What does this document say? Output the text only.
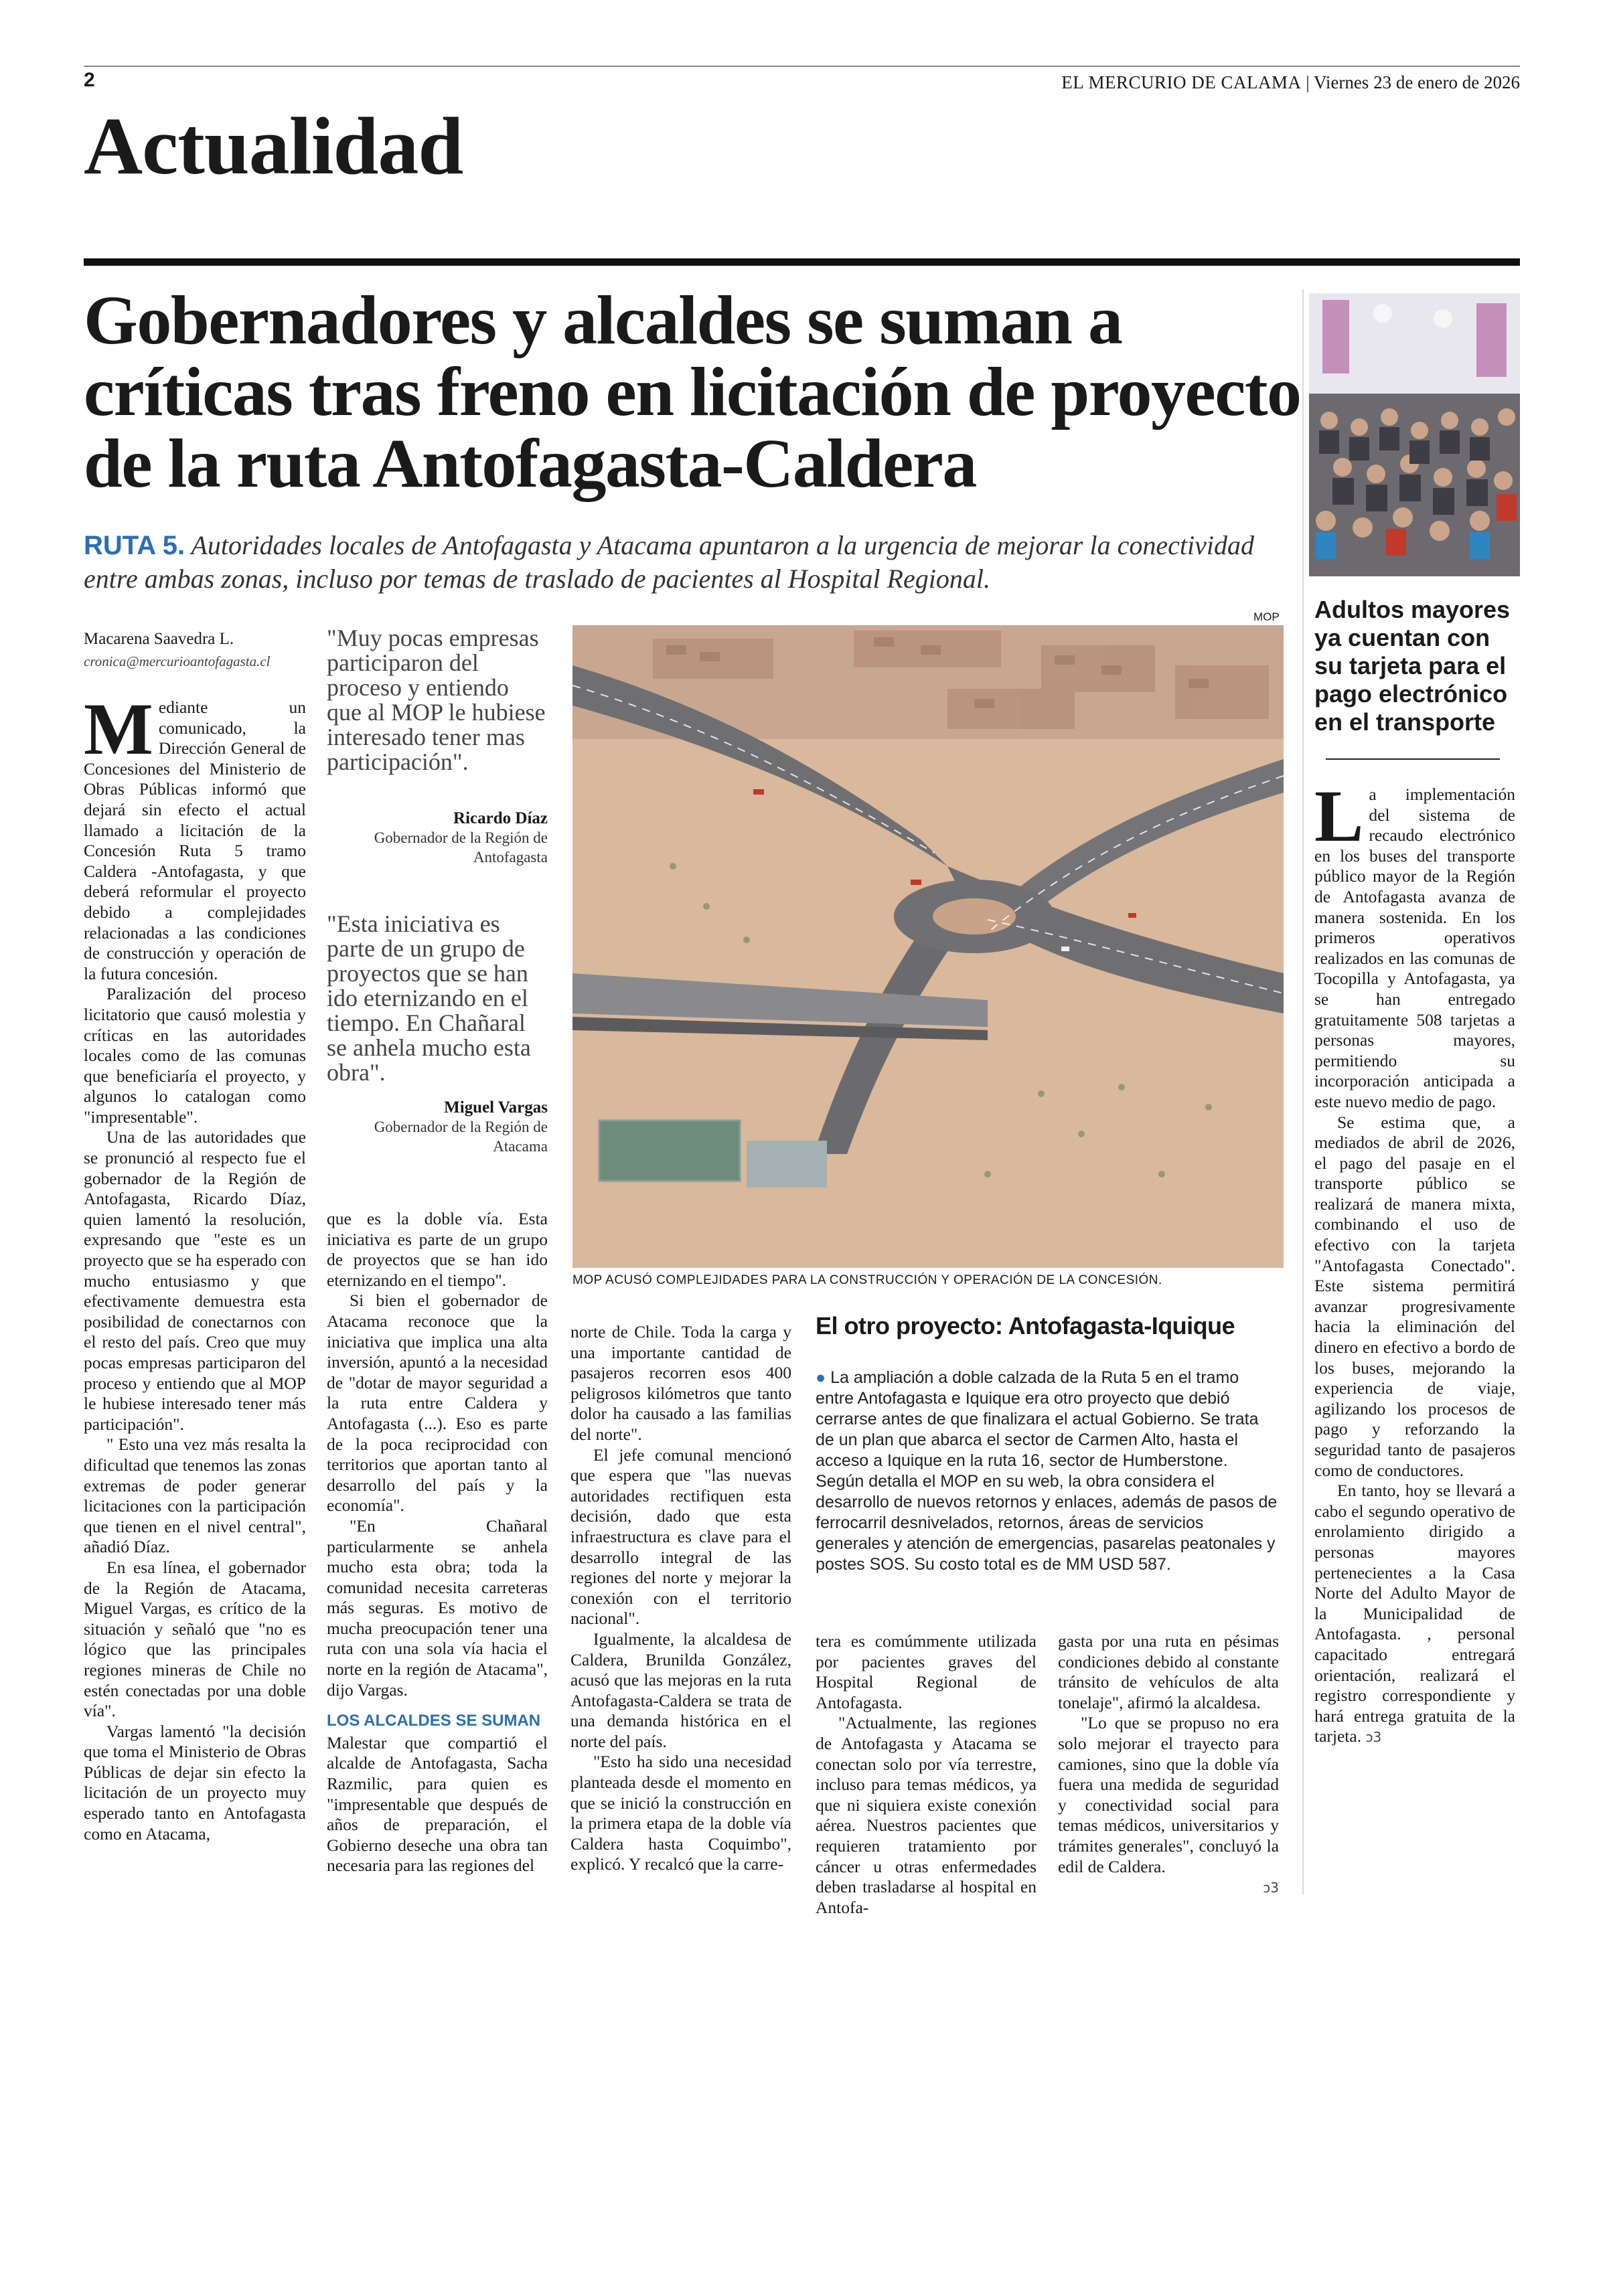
2	EL MERCURIO DE CALAMA | Viernes 23 de enero de 2026
Actualidad
Gobernadores y alcaldes se suman a críticas tras freno en licitación de proyecto de la ruta Antofagasta-Caldera
RUTA 5. Autoridades locales de Antofagasta y Atacama apuntaron a la urgencia de mejorar la conectividad entre ambas zonas, incluso por temas de traslado de pacientes al Hospital Regional.
Macarena Saavedra L.
cronica@mercurioantofagasta.cl

Mediante un comunicado, la Dirección General de Concesiones del Ministerio de Obras Públicas informó que dejará sin efecto el actual llamado a licitación de la Concesión Ruta 5 tramo Caldera -Antofagasta, y que deberá reformular el proyecto debido a complejidades relacionadas a las condiciones de construcción y operación de la futura concesión.

Paralización del proceso licitatorio que causó molestia y críticas en las autoridades locales como de las comunas que beneficiaría el proyecto, y algunos lo catalogan como "impresentable".

Una de las autoridades que se pronunció al respecto fue el gobernador de la Región de Antofagasta, Ricardo Díaz, quien lamentó la resolución, expresando que "este es un proyecto que se ha esperado con mucho entusiasmo y que efectivamente demuestra esta posibilidad de conectarnos con el resto del país. Creo que muy pocas empresas participaron del proceso y entiendo que al MOP le hubiese interesado tener más participación".

" Esto una vez más resalta la dificultad que tenemos las zonas extremas de poder generar licitaciones con la participación que tienen en el nivel central", añadió Díaz.

En esa línea, el gobernador de la Región de Atacama, Miguel Vargas, es crítico de la situación y señaló que "no es lógico que las principales regiones mineras de Chile no estén conectadas por una doble vía".

Vargas lamentó "la decisión que toma el Ministerio de Obras Públicas de dejar sin efecto la licitación de un proyecto muy esperado tanto en Antofagasta como en Atacama,

"Muy pocas empresas participaron del proceso y entiendo que al MOP le hubiese interesado tener mas participación".
Ricardo Díaz
Gobernador de la Región de Antofagasta
"Esta iniciativa es parte de un grupo de proyectos que se han ido eternizando en el tiempo. En Chañaral se anhela mucho esta obra".
Miguel Vargas
Gobernador de la Región de Atacama

que es la doble vía. Esta iniciativa es parte de un grupo de proyectos que se han ido eternizando en el tiempo".

Si bien el gobernador de Atacama reconoce que la iniciativa que implica una alta inversión, apuntó a la necesidad de "dotar de mayor seguridad a la ruta entre Caldera y Antofagasta (...). Eso es parte de la poca reciprocidad con territorios que aportan tanto al desarrollo del país y la economía".

"En Chañaral particularmente se anhela mucho esta obra; toda la comunidad necesita carreteras más seguras. Es motivo de mucha preocupación tener una ruta con una sola vía hacia el norte en la región de Atacama", dijo Vargas.

LOS ALCALDES SE SUMAN

Malestar que compartió el alcalde de Antofagasta, Sacha Razmilic, para quien es "impresentable que después de años de preparación, el Gobierno deseche una obra tan necesaria para las regiones del

MOP
MOP ACUSÓ COMPLEJIDADES PARA LA CONSTRUCCIÓN Y OPERACIÓN DE LA CONCESIÓN.

norte de Chile. Toda la carga y una importante cantidad de pasajeros recorren esos 400 peligrosos kilómetros que tanto dolor ha causado a las familias del norte".

El jefe comunal mencionó que espera que "las nuevas autoridades rectifiquen esta decisión, dado que esta infraestructura es clave para el desarrollo integral de las regiones del norte y mejorar la conexión con el territorio nacional".

Igualmente, la alcaldesa de Caldera, Brunilda González, acusó que las mejoras en la ruta Antofagasta-Caldera se trata de una demanda histórica en el norte del país.

"Esto ha sido una necesidad planteada desde el momento en que se inició la construcción en la primera etapa de la doble vía Caldera hasta Coquimbo", explicó. Y recalcó que la carre-

El otro proyecto: Antofagasta-Iquique
● La ampliación a doble calzada de la Ruta 5 en el tramo entre Antofagasta e Iquique era otro proyecto que debió cerrarse antes de que finalizara el actual Gobierno. Se trata de un plan que abarca el sector de Carmen Alto, hasta el acceso a Iquique en la ruta 16, sector de Humberstone. Según detalla el MOP en su web, la obra considera el desarrollo de nuevos retornos y enlaces, además de pasos de ferrocarril desnivelados, retornos, áreas de servicios generales y atención de emergencias, pasarelas peatonales y postes SOS. Su costo total es de MM USD 587.

tera es comúmmente utilizada por pacientes graves del Hospital Regional de Antofagasta.

"Actualmente, las regiones de Antofagasta y Atacama se conectan solo por vía terrestre, incluso para temas médicos, ya que ni siquiera existe conexión aérea. Nuestros pacientes que requieren tratamiento por cáncer u otras enfermedades deben trasladarse al hospital en Antofa-

gasta por una ruta en pésimas condiciones debido al constante tránsito de vehículos de alta tonelaje", afirmó la alcaldesa.

"Lo que se propuso no era solo mejorar el trayecto para camiones, sino que la doble vía fuera una medida de seguridad y conectividad social para temas médicos, universitarios y trámites generales", concluyó la edil de Caldera.

ↄ3
Adultos mayores ya cuentan con su tarjeta para el pago electrónico en el transporte

La implementación del sistema de recaudo electrónico en los buses del transporte público mayor de la Región de Antofagasta avanza de manera sostenida. En los primeros operativos realizados en las comunas de Tocopilla y Antofagasta, ya se han entregado gratuitamente 508 tarjetas a personas mayores, permitiendo su incorporación anticipada a este nuevo medio de pago.

Se estima que, a mediados de abril de 2026, el pago del pasaje en el transporte público se realizará de manera mixta, combinando el uso de efectivo con la tarjeta "Antofagasta Conectado". Este sistema permitirá avanzar progresivamente hacia la eliminación del dinero en efectivo a bordo de los buses, mejorando la experiencia de viaje, agilizando los procesos de pago y reforzando la seguridad tanto de pasajeros como de conductores.

En tanto, hoy se llevará a cabo el segundo operativo de enrolamiento dirigido a personas mayores pertenecientes a la Casa Norte del Adulto Mayor de la Municipalidad de Antofagasta. , personal capacitado entregará orientación, realizará el registro correspondiente y hará entrega gratuita de la tarjeta. ↄ3
